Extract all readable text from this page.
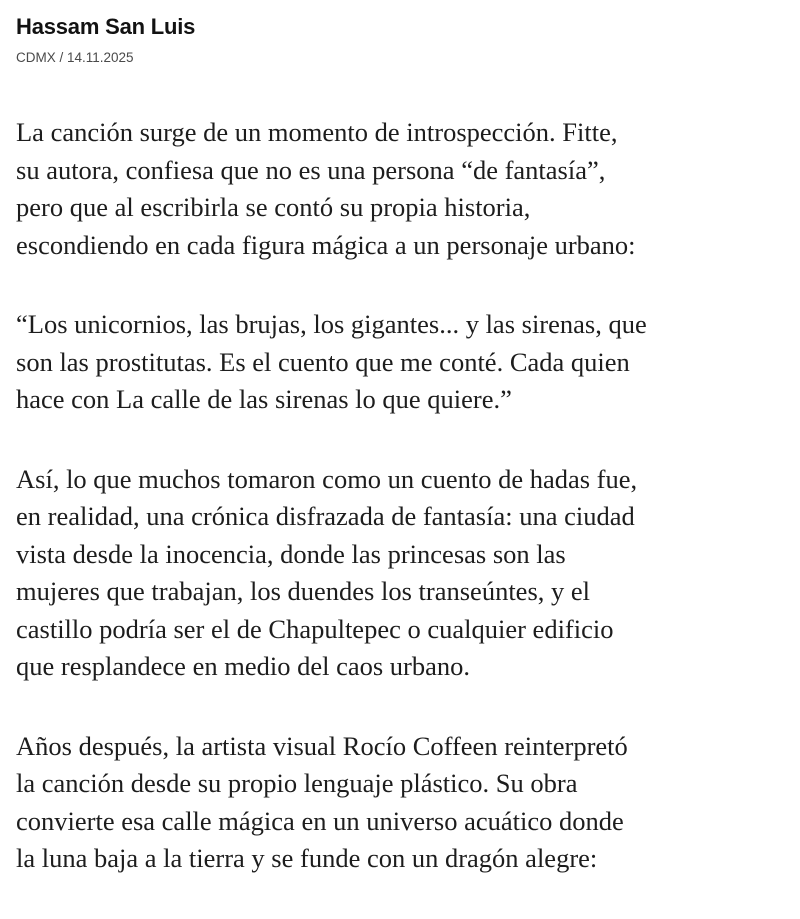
Hassam San Luis
CDMX / 14.11.2025

La canción surge de un momento de introspección. Fitte,
su autora, confiesa que no es una persona “de fantasía”,
pero que al escribirla se contó su propia historia,
escondiendo en cada figura mágica a un personaje urbano:

“Los unicornios, las brujas, los gigantes... y las sirenas, que
son las prostitutas. Es el cuento que me conté. Cada quien
hace con La calle de las sirenas lo que quiere.”

Así, lo que muchos tomaron como un cuento de hadas fue,
en realidad, una crónica disfrazada de fantasía: una ciudad
vista desde la inocencia, donde las princesas son las
mujeres que trabajan, los duendes los transeúntes, y el
castillo podría ser el de Chapultepec o cualquier edificio
que resplandece en medio del caos urbano.

Años después, la artista visual Rocío Coffeen reinterpretó
la canción desde su propio lenguaje plástico. Su obra
convierte esa calle mágica en un universo acuático donde
la luna baja a la tierra y se funde con un dragón alegre:
